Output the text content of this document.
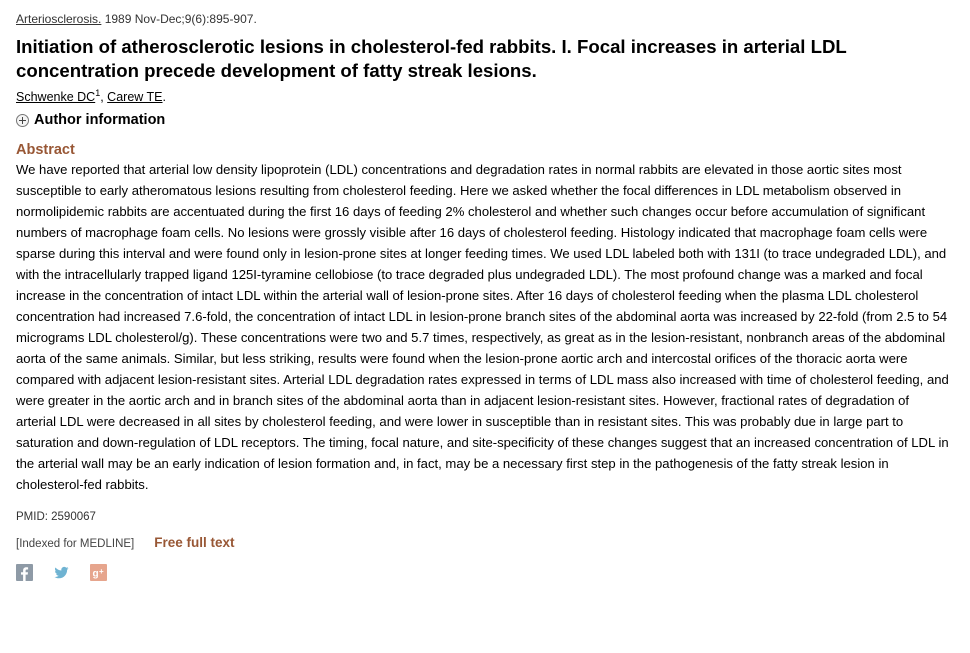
Arteriosclerosis. 1989 Nov-Dec;9(6):895-907.
Initiation of atherosclerotic lesions in cholesterol-fed rabbits. I. Focal increases in arterial LDL concentration precede development of fatty streak lesions.
Schwenke $DC^1$, Carew TE.
Author information
Abstract

We have reported that arterial low density lipoprotein (LDL) concentrations and degradation rates in normal rabbits are elevated in those aortic sites most susceptible to early atheromatous lesions resulting from cholesterol feeding. Here we asked whether the focal differences in LDL metabolism observed in normolipidemic rabbits are accentuated during the first 16 days of feeding 2% cholesterol and whether such changes occur before accumulation of significant numbers of macrophage foam cells. No lesions were grossly visible after 16 days of cholesterol feeding. Histology indicated that macrophage foam cells were sparse during this interval and were found only in lesion-prone sites at longer feeding times. We used LDL labeled both with 131I (to trace undegraded LDL), and with the intracellularly trapped ligand 125I-tyramine cellobiose (to trace degraded plus undegraded LDL). The most profound change was a marked and focal increase in the concentration of intact LDL within the arterial wall of lesion-prone sites. After 16 days of cholesterol feeding when the plasma LDL cholesterol concentration had increased 7.6-fold, the concentration of intact LDL in lesion-prone branch sites of the abdominal aorta was increased by 22-fold (from 2.5 to 54 micrograms LDL cholesterol/g). These concentrations were two and 5.7 times, respectively, as great as in the lesion-resistant, nonbranch areas of the abdominal aorta of the same animals. Similar, but less striking, results were found when the lesion-prone aortic arch and intercostal orifices of the thoracic aorta were compared with adjacent lesion-resistant sites. Arterial LDL degradation rates expressed in terms of LDL mass also increased with time of cholesterol feeding, and were greater in the aortic arch and in branch sites of the abdominal aorta than in adjacent lesion-resistant sites. However, fractional rates of degradation of arterial LDL were decreased in all sites by cholesterol feeding, and were lower in susceptible than in resistant sites. This was probably due in large part to saturation and down-regulation of LDL receptors. The timing, focal nature, and site-specificity of these changes suggest that an increased concentration of LDL in the arterial wall may be an early indication of lesion formation and, in fact, may be a necessary first step in the pathogenesis of the fatty streak lesion in cholesterol-fed rabbits.

PMID: 2590067
[Indexed for MEDLINE] Free full text
g +
